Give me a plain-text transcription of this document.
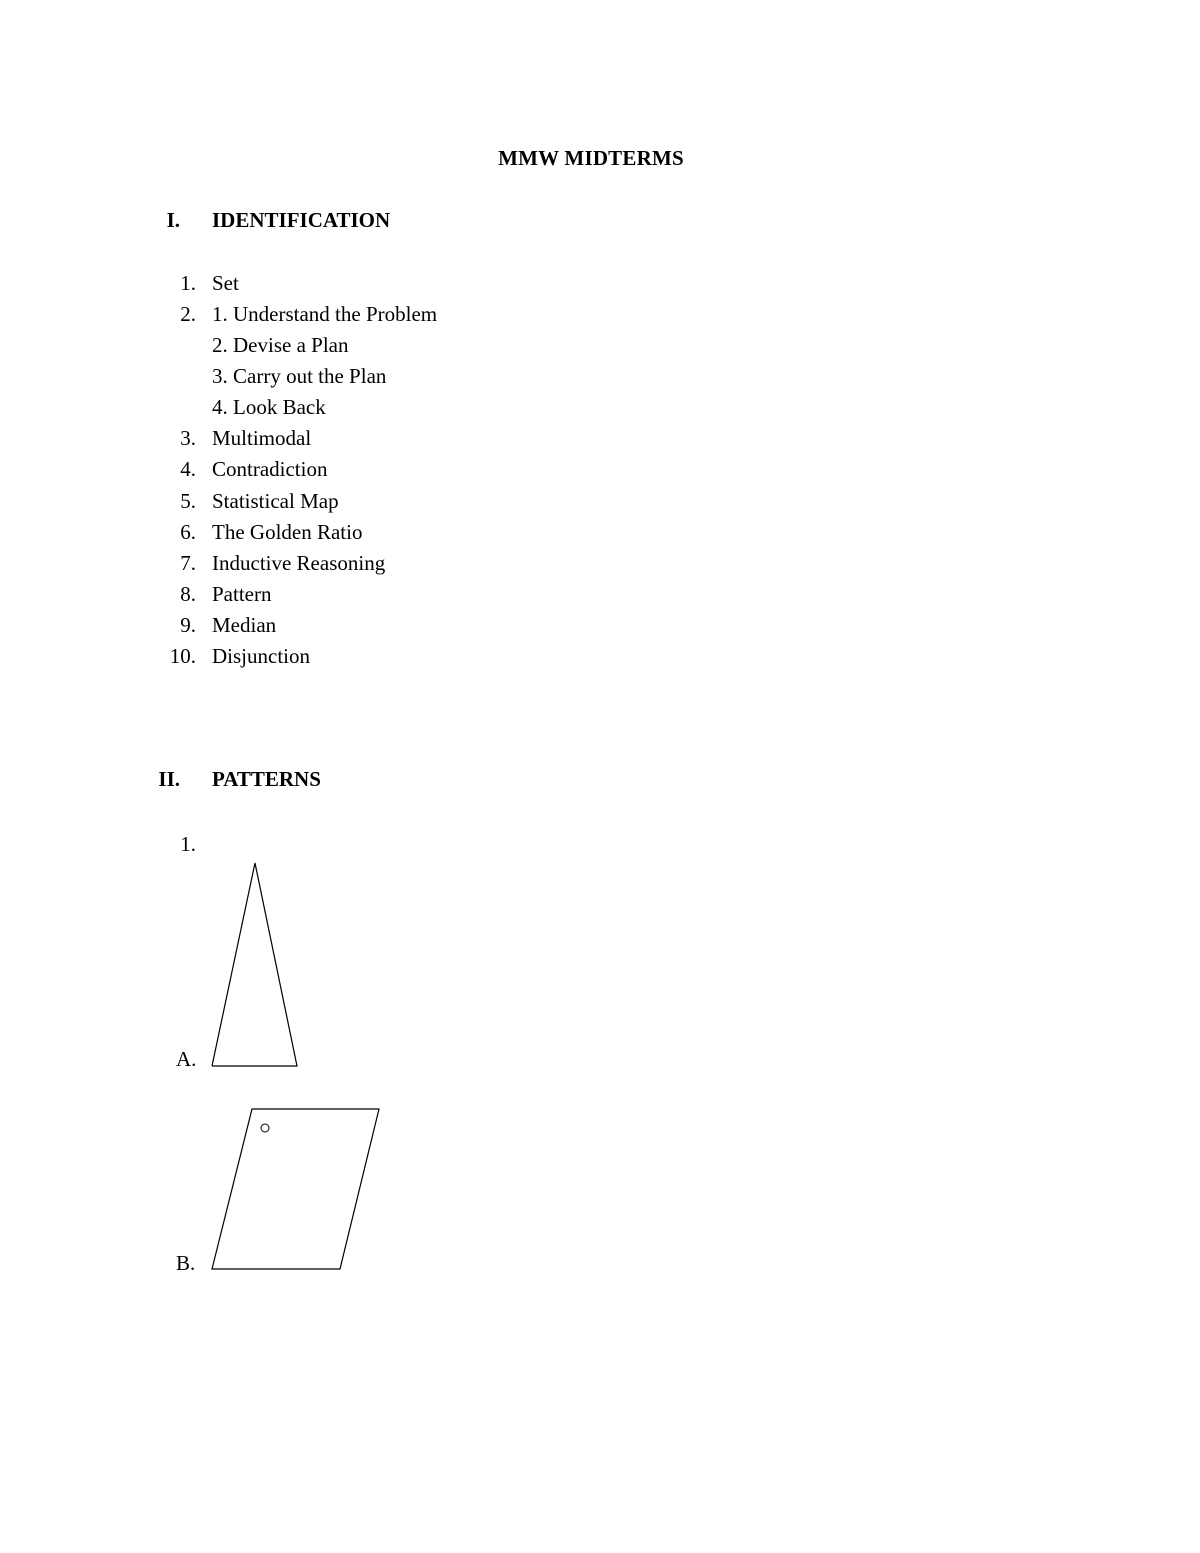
MMW MIDTERMS
I. IDENTIFICATION
1. Set
2. 1. Understand the Problem
2. Devise a Plan
3. Carry out the Plan
4. Look Back
3. Multimodal
4. Contradiction
5. Statistical Map
6. The Golden Ratio
7. Inductive Reasoning
8. Pattern
9. Median
10. Disjunction
II. PATTERNS
1.
A.
B.
